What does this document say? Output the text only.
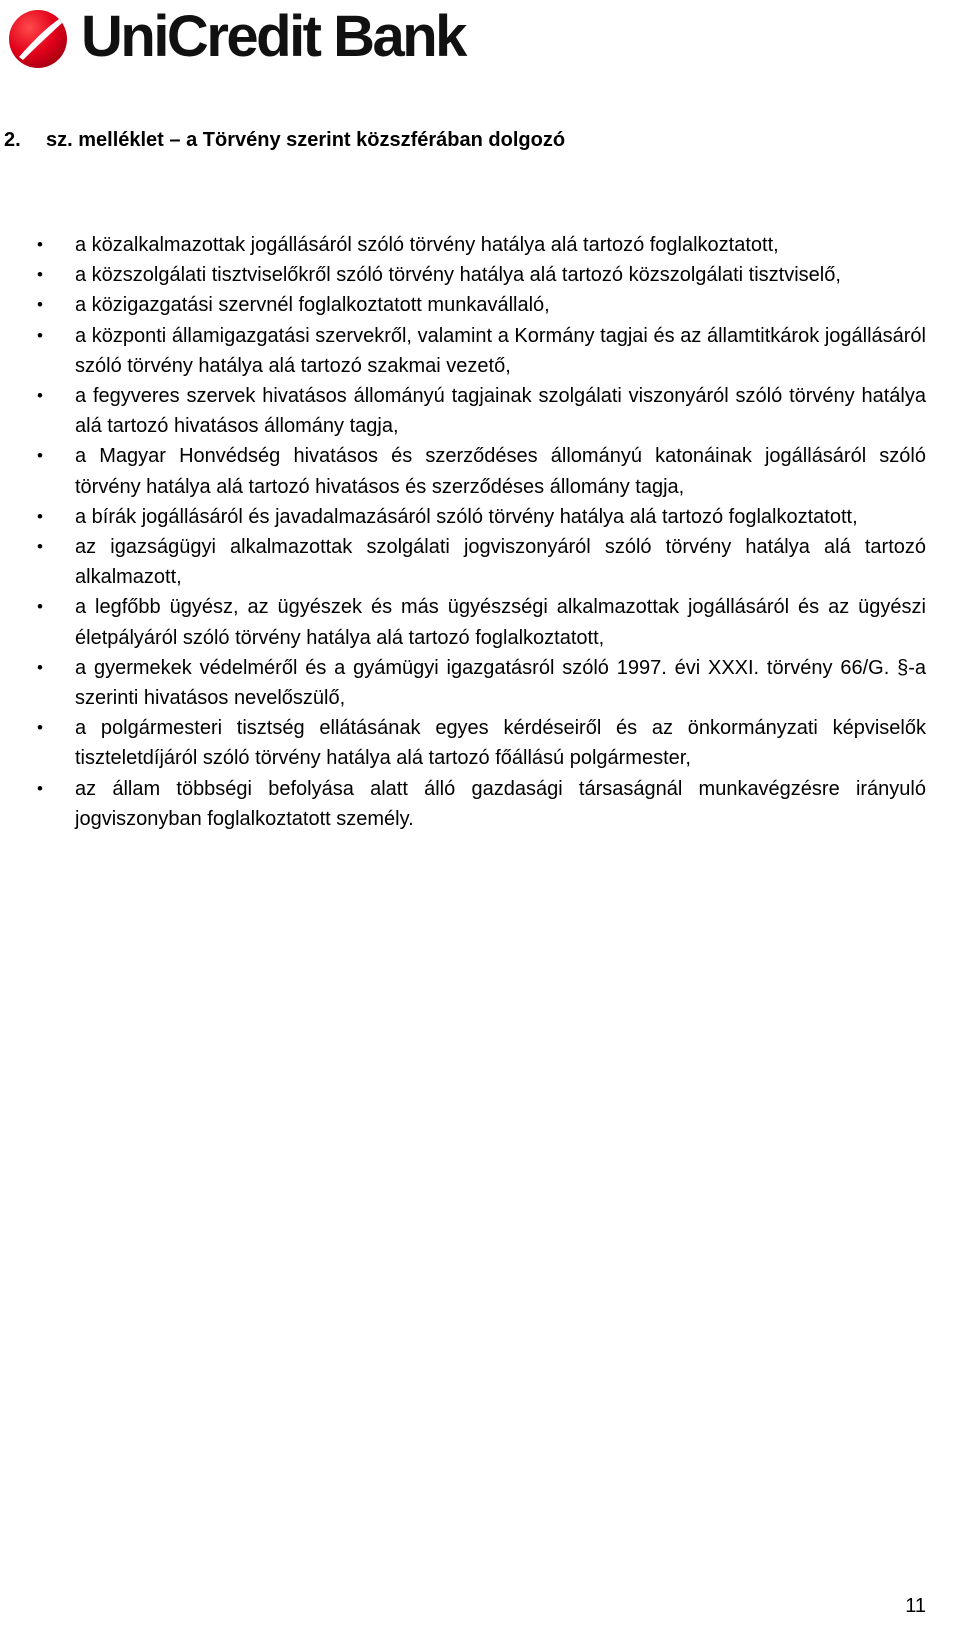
UniCredit Bank
2. sz. melléklet – a Törvény szerint közszférában dolgozó
• a közalkalmazottak jogállásáról szóló törvény hatálya alá tartozó foglalkoztatott,
• a közszolgálati tisztviselőkről szóló törvény hatálya alá tartozó közszolgálati tisztviselő,
• a közigazgatási szervnél foglalkoztatott munkavállaló,
• a központi államigazgatási szervekről, valamint a Kormány tagjai és az államtitkárok jogállásáról szóló törvény hatálya alá tartozó szakmai vezető,
• a fegyveres szervek hivatásos állományú tagjainak szolgálati viszonyáról szóló törvény hatálya alá tartozó hivatásos állomány tagja,
• a Magyar Honvédség hivatásos és szerződéses állományú katonáinak jogállásáról szóló törvény hatálya alá tartozó hivatásos és szerződéses állomány tagja,
• a bírák jogállásáról és javadalmazásáról szóló törvény hatálya alá tartozó foglalkoztatott,
• az igazságügyi alkalmazottak szolgálati jogviszonyáról szóló törvény hatálya alá tartozó alkalmazott,
• a legfőbb ügyész, az ügyészek és más ügyészségi alkalmazottak jogállásáról és az ügyészi életpályáról szóló törvény hatálya alá tartozó foglalkoztatott,
• a gyermekek védelméről és a gyámügyi igazgatásról szóló 1997. évi XXXI. törvény 66/G. §-a szerinti hivatásos nevelőszülő,
• a polgármesteri tisztség ellátásának egyes kérdéseiről és az önkormányzati képviselők tiszteletdíjáról szóló törvény hatálya alá tartozó főállású polgármester,
• az állam többségi befolyása alatt álló gazdasági társaságnál munkavégzésre irányuló jogviszonyban foglalkoztatott személy.
11
